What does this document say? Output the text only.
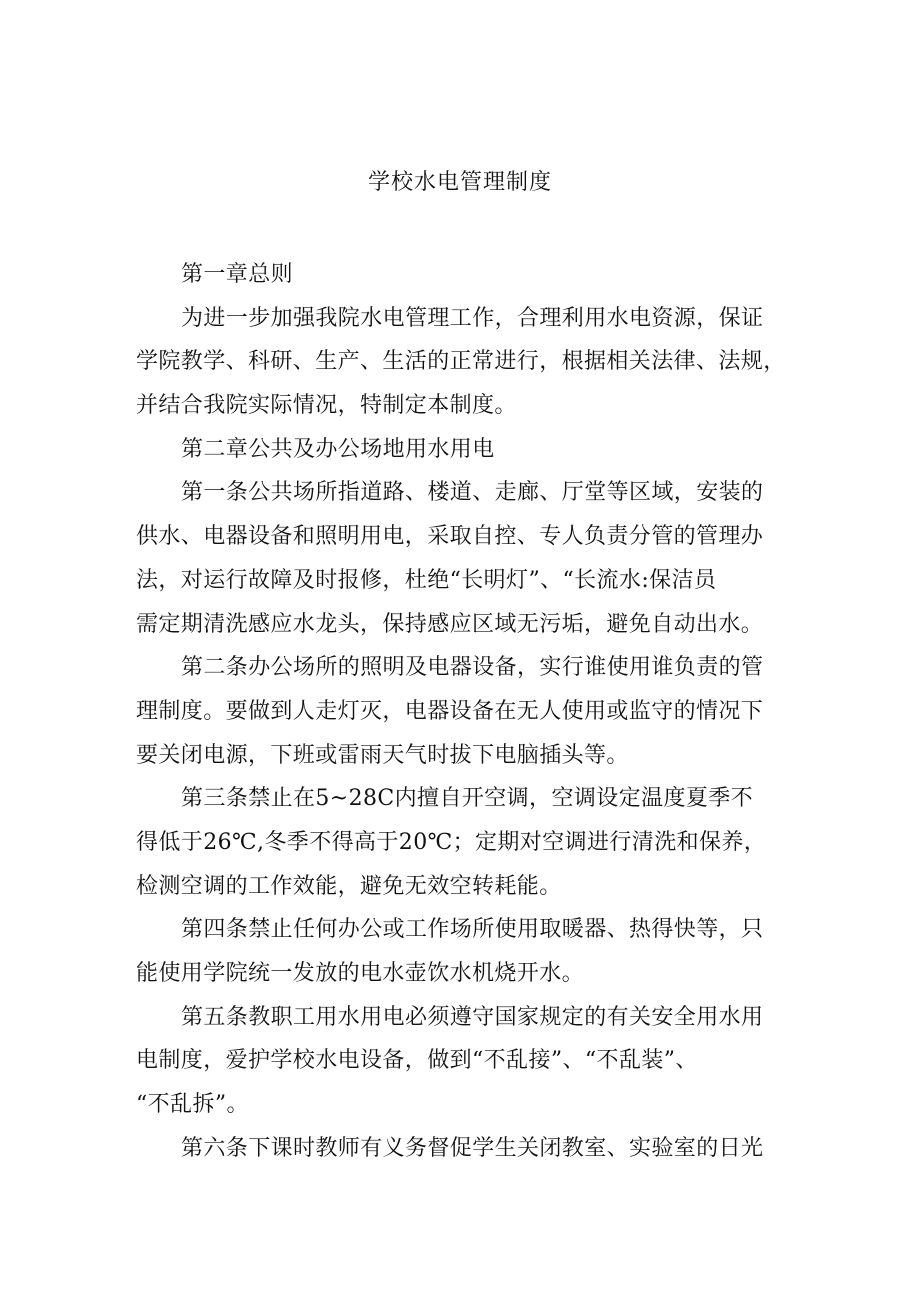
学校水电管理制度
第一章总则
为进一步加强我院水电管理工作，合理利用水电资源，保证
学院教学、科研、生产、生活的正常进行，根据相关法律、法规，
并结合我院实际情况，特制定本制度。
第二章公共及办公场地用水用电
第一条公共场所指道路、楼道、走廊、厅堂等区域，安装的
供水、电器设备和照明用电，采取自控、专人负责分管的管理办
法，对运行故障及时报修，杜绝“长明灯”、“长流水:保洁员
需定期清洗感应水龙头，保持感应区域无污垢，避免自动出水。
第二条办公场所的照明及电器设备，实行谁使用谁负责的管
理制度。要做到人走灯灭，电器设备在无人使用或监守的情况下
要关闭电源，下班或雷雨天气时拔下电脑插头等。
第三条禁止在5~28C内擅自开空调，空调设定温度夏季不
得低于26℃,冬季不得高于20℃；定期对空调进行清洗和保养，
检测空调的工作效能，避免无效空转耗能。
第四条禁止任何办公或工作场所使用取暖器、热得快等，只
能使用学院统一发放的电水壶饮水机烧开水。
第五条教职工用水用电必须遵守国家规定的有关安全用水用
电制度，爱护学校水电设备，做到“不乱接”、“不乱装”、
“不乱拆”。
第六条下课时教师有义务督促学生关闭教室、实验室的日光
